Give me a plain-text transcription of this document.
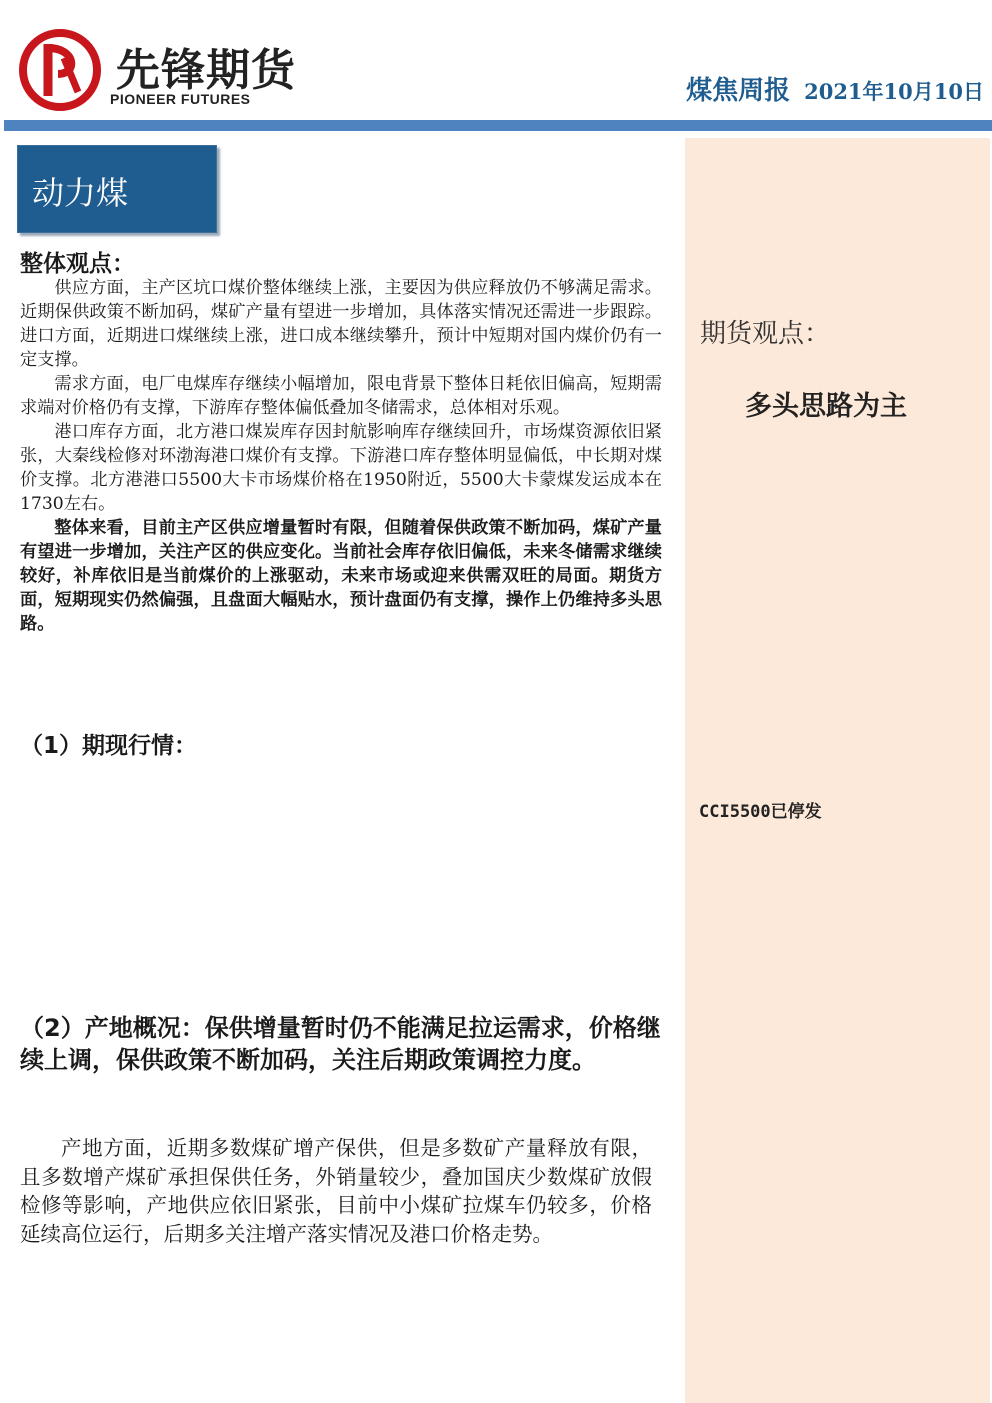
先锋期货
PIONEER FUTURES	煤焦周报 2021年10月10日
动力煤
整体观点：

供应方面，主产区坑口煤价整体继续上涨，主要因为供应释放仍不够满足需求。近期保供政策不断加码，煤矿产量有望进一步增加，具体落实情况还需进一步跟踪。进口方面，近期进口煤继续上涨，进口成本继续攀升，预计中短期对国内煤价仍有一定支撑。

需求方面，电厂电煤库存继续小幅增加，限电背景下整体日耗依旧偏高，短期需求端对价格仍有支撑，下游库存整体偏低叠加冬储需求，总体相对乐观。

港口库存方面，北方港口煤炭库存因封航影响库存继续回升，市场煤资源依旧紧张，大秦线检修对环渤海港口煤价有支撑。下游港口库存整体明显偏低，中长期对煤价支撑。北方港港口5500大卡市场煤价格在1950附近，5500大卡蒙煤发运成本在1730左右。

整体来看，目前主产区供应增量暂时有限，但随着保供政策不断加码，煤矿产量有望进一步增加，关注产区的供应变化。当前社会库存依旧偏低，未来冬储需求继续较好，补库依旧是当前煤价的上涨驱动，未来市场或迎来供需双旺的局面。期货方面，短期现实仍然偏强，且盘面大幅贴水，预计盘面仍有支撑，操作上仍维持多头思路。

（1）期现行情：
（2）产地概况：保供增量暂时仍不能满足拉运需求，价格继续上调，保供政策不断加码，关注后期政策调控力度。
产地方面，近期多数煤矿增产保供，但是多数矿产量释放有限，且多数增产煤矿承担保供任务，外销量较少，叠加国庆少数煤矿放假检修等影响，产地供应依旧紧张，目前中小煤矿拉煤车仍较多，价格延续高位运行，后期多关注增产落实情况及港口价格走势。
期货观点：
多头思路为主
CCI5500已停发
